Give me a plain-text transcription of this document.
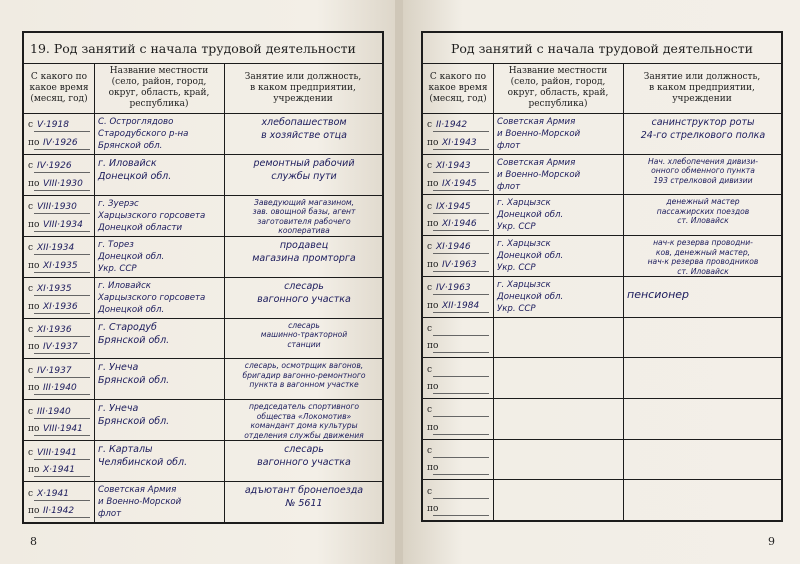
19. Род занятий с начала трудовой деятельности
С какого по
какое время
(месяц, год)
Название местности
(село, район, город,
округ, область, край,
республика)
Занятие или должность,
в каком предприятии,
учреждении
с
по
V·1918
IV·1926
С. Остроглядово
Стародубского р-на
Брянской обл.
хлебопашеством
в хозяйстве отца
с
по
IV·1926
VIII·1930
г. Иловайск
Донецкой обл.
ремонтный рабочий
службы пути
с
по
VIII·1930
VIII·1934
г. Зуерэс
Харцызского горсовета
Донецкой области
Заведующий магазином,
зав. овощной базы, агент
заготовителя рабочего
кооператива
с
по
XII·1934
XI·1935
г. Торез
Донецкой обл.
Укр. ССР
продавец
магазина промторга
с
по
XI·1935
XI·1936
г. Иловайск
Харцызского горсовета
Донецкой обл.
слесарь
вагонного участка
с
по
XI·1936
IV·1937
г. Стародуб
Брянской обл.
слесарь
машинно-тракторной
станции
с
по
IV·1937
III·1940
г. Унеча
Брянской обл.
слесарь, осмотрщик вагонов,
бригадир вагонно-ремонтного
пункта в вагонном участке
с
по
III·1940
VIII·1941
г. Унеча
Брянской обл.
председатель спортивного
общества «Локомотив»
командант дома культуры
отделения службы движения
с
по
VIII·1941
X·1941
г. Карталы
Челябинской обл.
слесарь
вагонного участка
с
по
X·1941
II·1942
Советская Армия
и Военно-Морской
флот
адъютант бронепоезда
№ 5611
8
Род занятий с начала трудовой деятельности
С какого по
какое время
(месяц, год)
Название местности
(село, район, город,
округ, область, край,
республика)
Занятие или должность,
в каком предприятии,
учреждении
с
по
II·1942
XI·1943
Советская Армия
и Военно-Морской
флот
санинструктор роты
24-го стрелкового полка
с
по
XI·1943
IX·1945
Советская Армия
и Военно-Морской
флот
Нач. хлебопечения дивизи-
онного обменного пункта
193 стрелковой дивизии
с
по
IX·1945
XI·1946
г. Харцызск
Донецкой обл.
Укр. ССР
денежный мастер
пассажирских поездов
ст. Иловайск
с
по
XI·1946
IV·1963
г. Харцызск
Донецкой обл.
Укр. ССР
нач-к резерва проводни-
ков, денежный мастер,
нач-к резерва проводников
ст. Иловайск
с
по
IV·1963
XII·1984
г. Харцызск
Донецкой обл.
Укр. ССР
пенсионер
с
по
с
по
с
по
с
по
с
по
9
